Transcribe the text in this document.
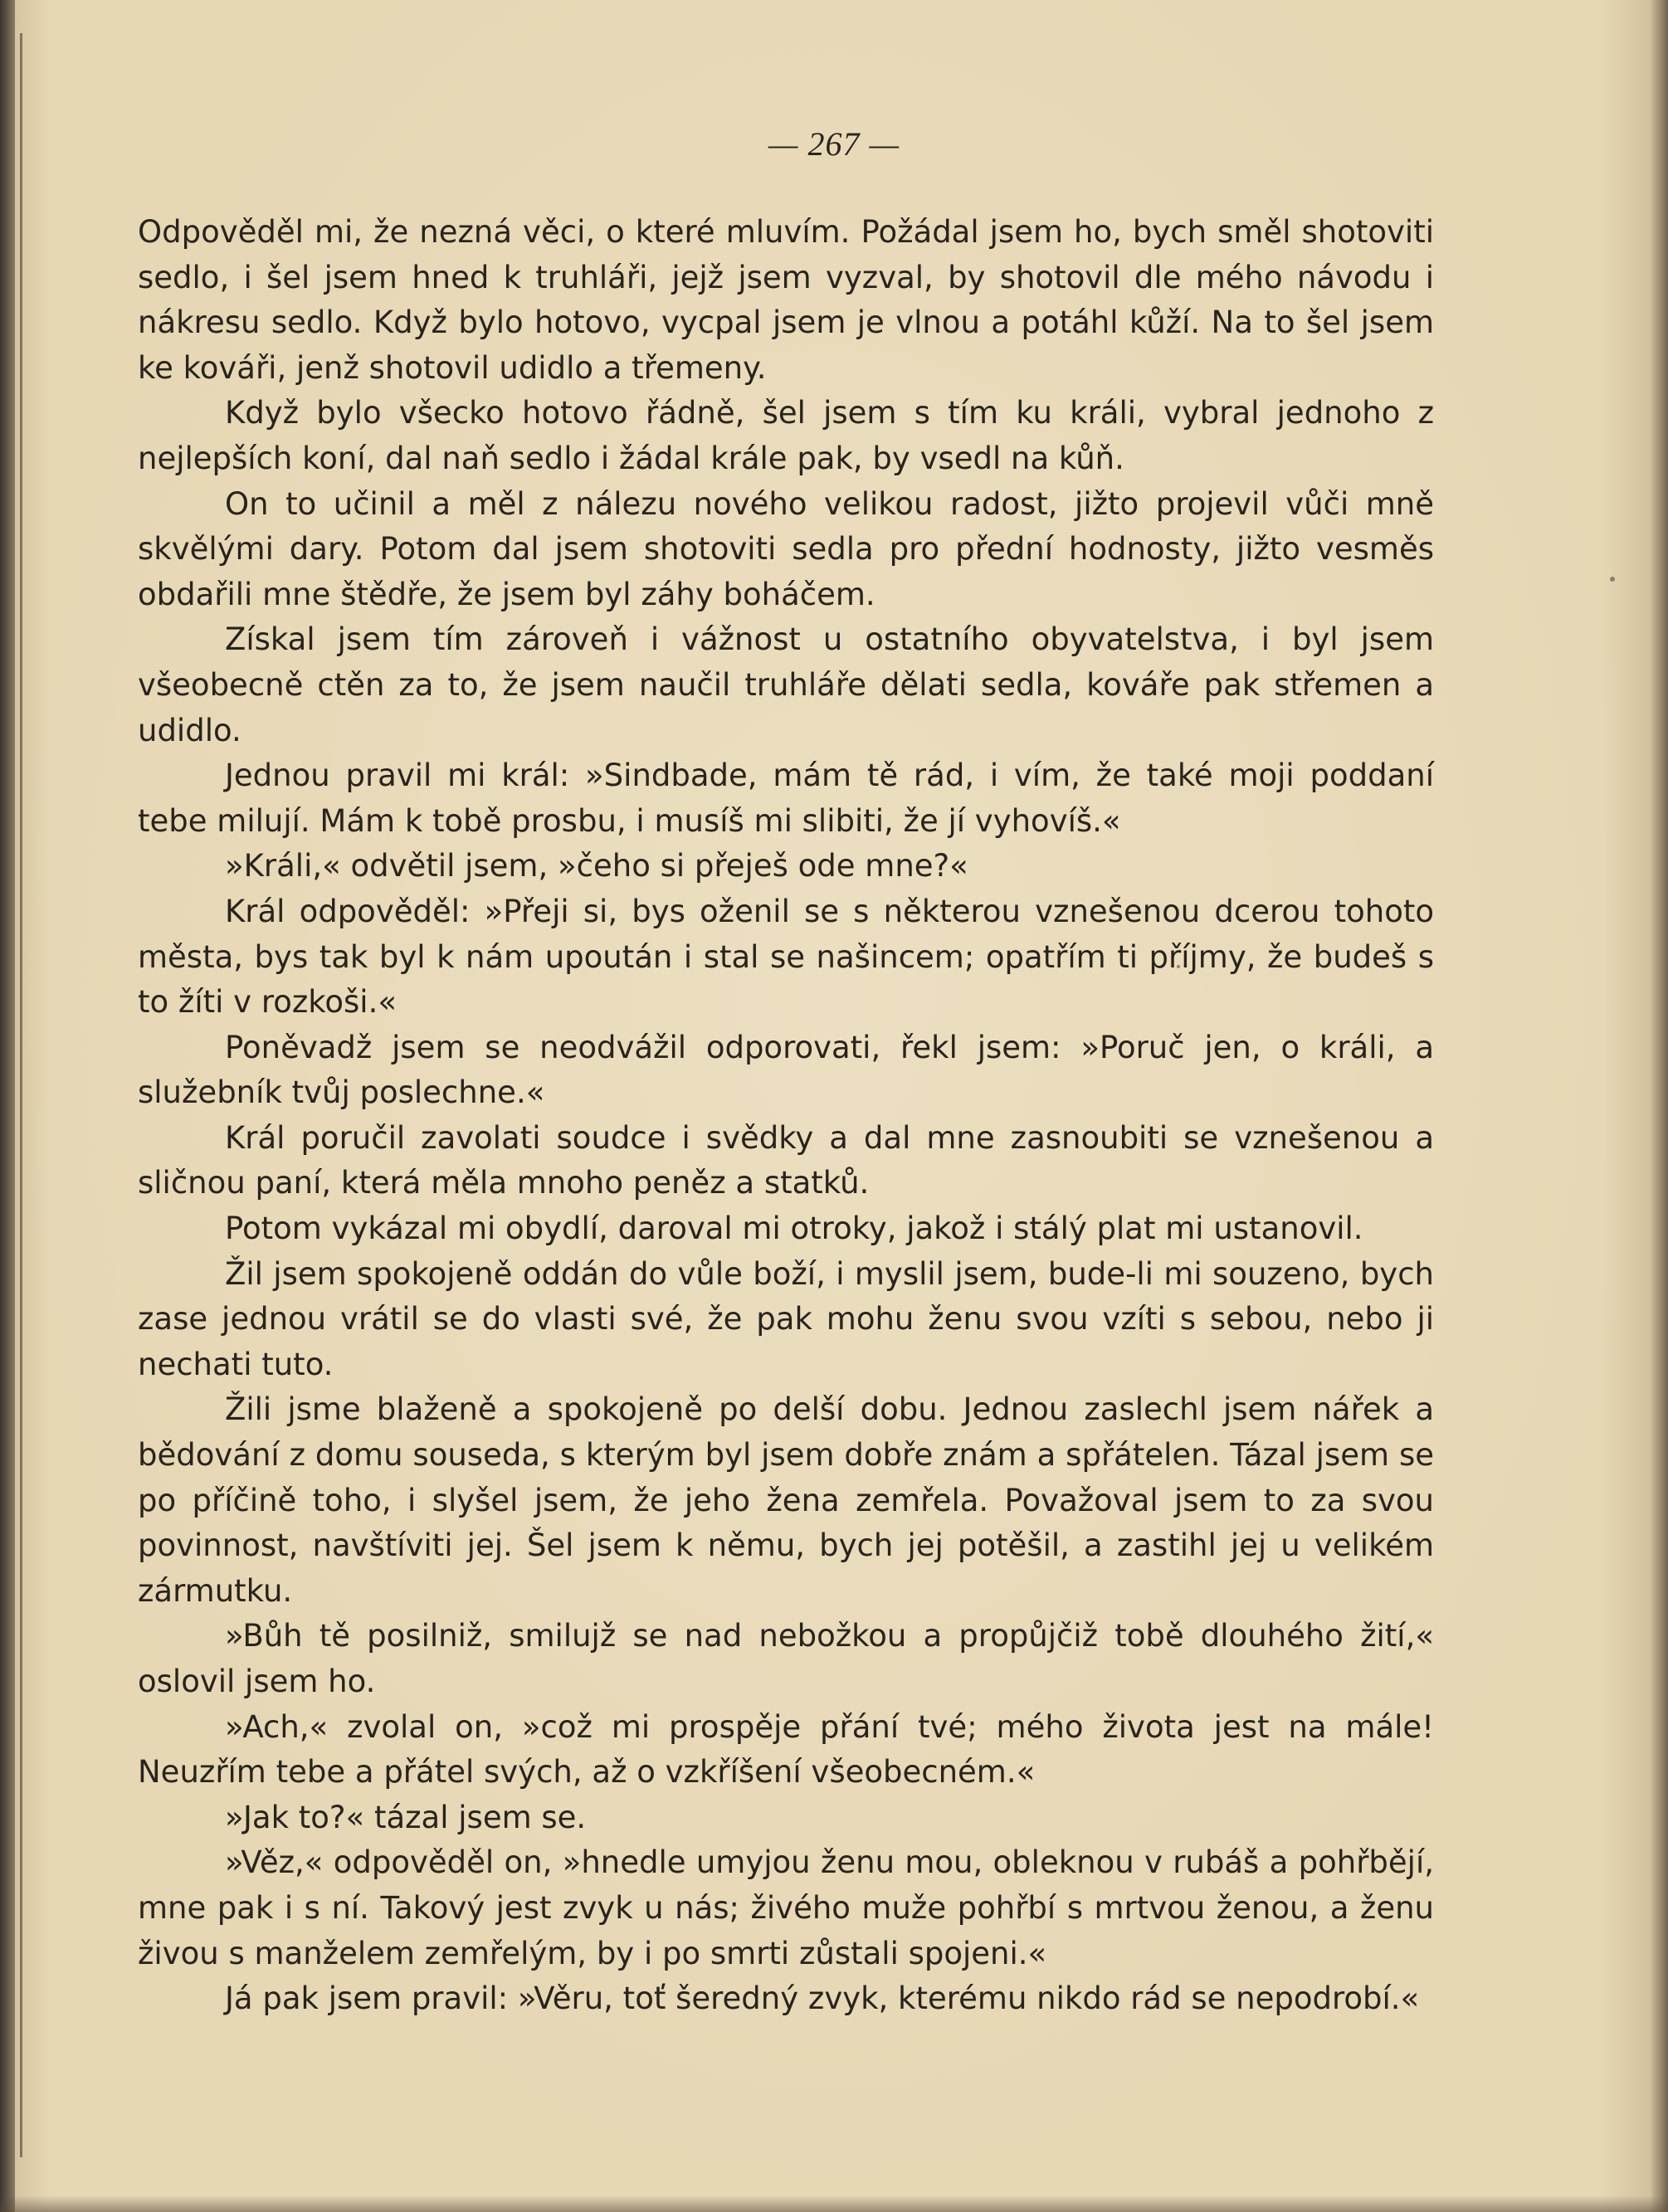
— 267 —

Odpověděl mi, že nezná věci, o které mluvím. Požádal jsem ho, bych směl shotoviti sedlo, i šel jsem hned k truhláři, jejž jsem vyzval, by shotovil dle mého návodu i nákresu sedlo. Když bylo hotovo, vycpal jsem je vlnou a potáhl kůží. Na to šel jsem ke kováři, jenž shotovil udidlo a třemeny.

Když bylo všecko hotovo řádně, šel jsem s tím ku králi, vybral jednoho z nejlepších koní, dal naň sedlo i žádal krále pak, by vsedl na kůň.

On to učinil a měl z nálezu nového velikou radost, jižto projevil vůči mně skvělými dary. Potom dal jsem shotoviti sedla pro přední hodnosty, jižto vesměs obdařili mne štědře, že jsem byl záhy boháčem.

Získal jsem tím zároveň i vážnost u ostatního obyvatelstva, i byl jsem všeobecně ctěn za to, že jsem naučil truhláře dělati sedla, kováře pak střemen a udidlo.

Jednou pravil mi král: »Sindbade, mám tě rád, i vím, že také moji poddaní tebe milují. Mám k tobě prosbu, i musíš mi slibiti, že jí vyhovíš.«

»Králi,« odvětil jsem, »čeho si přeješ ode mne?«

Král odpověděl: »Přeji si, bys oženil se s některou vznešenou dcerou tohoto města, bys tak byl k nám upoután i stal se našincem; opatřím ti příjmy, že budeš s to žíti v rozkoši.«

Poněvadž jsem se neodvážil odporovati, řekl jsem: »Poruč jen, o králi, a služebník tvůj poslechne.«

Král poručil zavolati soudce i svědky a dal mne zasnoubiti se vznešenou a sličnou paní, která měla mnoho peněz a statků.

Potom vykázal mi obydlí, daroval mi otroky, jakož i stálý plat mi ustanovil.

Žil jsem spokojeně oddán do vůle boží, i myslil jsem, bude-li mi souzeno, bych zase jednou vrátil se do vlasti své, že pak mohu ženu svou vzíti s sebou, nebo ji nechati tuto.

Žili jsme blaženě a spokojeně po delší dobu. Jednou zaslechl jsem nářek a bědování z domu souseda, s kterým byl jsem dobře znám a spřátelen. Tázal jsem se po příčině toho, i slyšel jsem, že jeho žena zemřela. Považoval jsem to za svou povinnost, navštíviti jej. Šel jsem k němu, bych jej potěšil, a zastihl jej u velikém zármutku.

»Bůh tě posilniž, smilujž se nad nebožkou a propůjčiž tobě dlouhého žití,« oslovil jsem ho.

»Ach,« zvolal on, »což mi prospěje přání tvé; mého života jest na mále! Neuzřím tebe a přátel svých, až o vzkříšení všeobecném.«

»Jak to?« tázal jsem se.

»Věz,« odpověděl on, »hnedle umyjou ženu mou, obleknou v rubáš a pohřbějí, mne pak i s ní. Takový jest zvyk u nás; živého muže pohřbí s mrtvou ženou, a ženu živou s manželem zemřelým, by i po smrti zůstali spojeni.«

Já pak jsem pravil: »Věru, toť šeredný zvyk, kterému nikdo rád se nepodrobí.«
